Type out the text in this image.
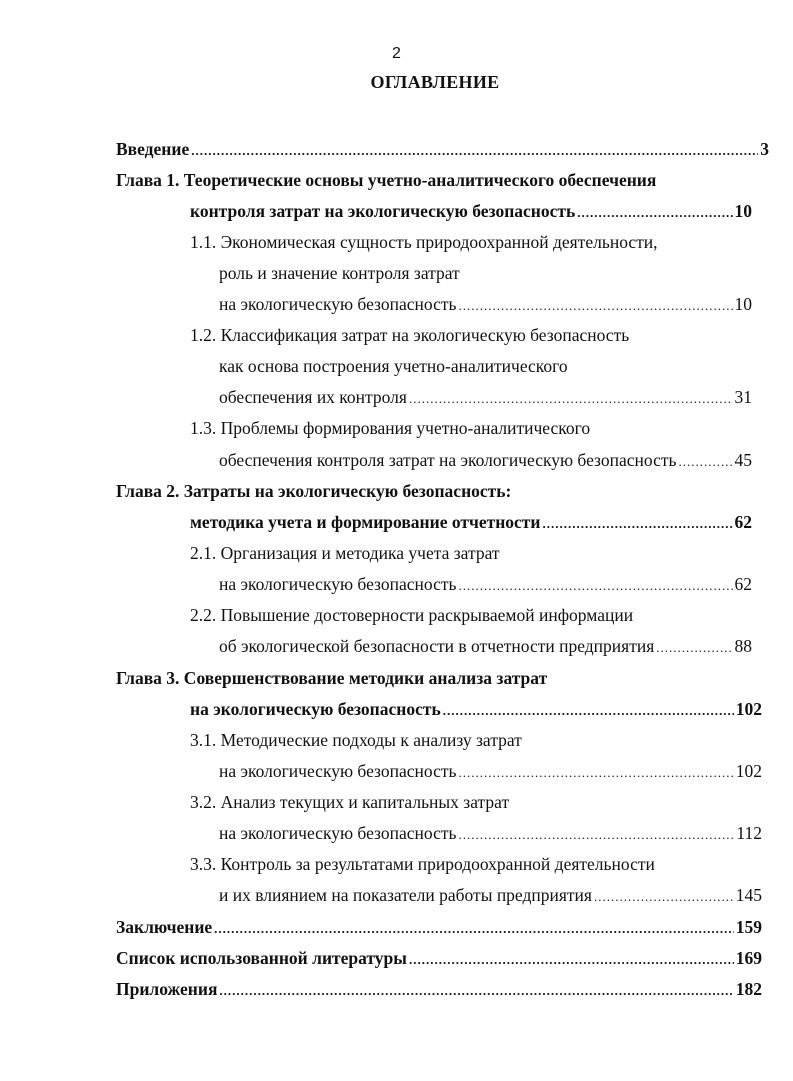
2
ОГЛАВЛЕНИЕ
Введение .....	3
Глава 1. Теоретические основы учетно-аналитического обеспечения
контроля затрат на экологическую безопасность .....	10
1.1. Экономическая сущность природоохранной деятельности,
роль и значение контроля затрат
на экологическую безопасность .....	10
1.2. Классификация затрат на экологическую безопасность
как основа построения учетно-аналитического
обеспечения их контроля .....	31
1.3. Проблемы формирования учетно-аналитического
обеспечения контроля затрат на экологическую безопасность .....	45
Глава 2. Затраты на экологическую безопасность:
методика учета и формирование отчетности .....	62
2.1. Организация и методика учета затрат
на экологическую безопасность .....	62
2.2. Повышение достоверности раскрываемой информации
об экологической безопасности в отчетности предприятия .....	88
Глава 3. Совершенствование методики анализа затрат
на экологическую безопасность .....	102
3.1. Методические подходы к анализу затрат
на экологическую безопасность .....	102
3.2. Анализ текущих и капитальных затрат
на экологическую безопасность .....	112
3.3. Контроль за результатами природоохранной деятельности
и их влиянием на показатели работы предприятия .....	145
Заключение .....	159
Список использованной литературы .....	169
Приложения .....	182
